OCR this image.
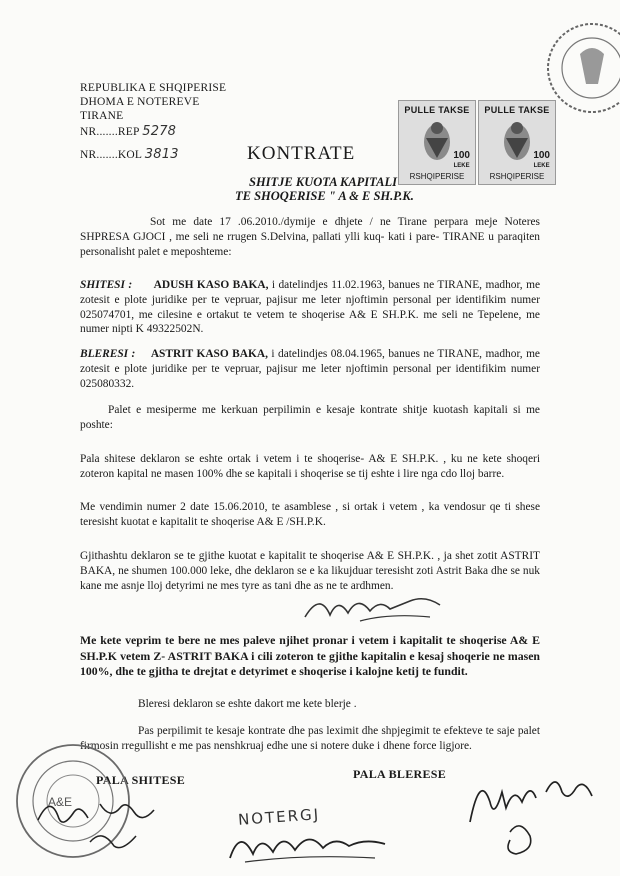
REPUBLIKA E SHQIPERISE
DHOMA E NOTEREVE
TIRANE
NR.......REP 5278
NR.......KOL 3813
PULLE TAKSE
100
LEKE
RSHQIPERISE
PULLE TAKSE
100
LEKE
RSHQIPERISE
KONTRATE
SHITJE KUOTA KAPITALI
TE SHOQERISE " A & E SH.P.K.
Sot me date 17 .06.2010./dymije e dhjete / ne Tirane perpara meje Noteres SHPRESA GJOCI , me seli ne rrugen S.Delvina, pallati ylli kuq- kati i pare- TIRANE u paraqiten personalisht palet e meposhteme:
SHITESI : ADUSH KASO BAKA, i datelindjes 11.02.1963, banues ne TIRANE, madhor, me zotesit e plote juridike per te vepruar, pajisur me leter njoftimin personal per identifikim numer 025074701, me cilesine e ortakut te vetem te shoqerise A& E SH.P.K. me seli ne Tepelene, me numer nipti K 49322502N.
BLERESI : ASTRIT KASO BAKA, i datelindjes 08.04.1965, banues ne TIRANE, madhor, me zotesit e plote juridike per te vepruar, pajisur me leter njoftimin personal per identifikim numer 025080332.
Palet e mesiperme me kerkuan perpilimin e kesaje kontrate shitje kuotash kapitali si me poshte:
Pala shitese deklaron se eshte ortak i vetem i te shoqerise- A& E SH.P.K. , ku ne kete shoqeri zoteron kapital ne masen 100% dhe se kapitali i shoqerise se tij eshte i lire nga cdo lloj barre.
Me vendimin numer 2 date 15.06.2010, te asamblese , si ortak i vetem , ka vendosur qe ti shese teresisht kuotat e kapitalit te shoqerise A& E /SH.P.K.
Gjithashtu deklaron se te gjithe kuotat e kapitalit te shoqerise A& E SH.P.K. , ja shet zotit ASTRIT BAKA, ne shumen 100.000 leke, dhe deklaron se e ka likujduar teresisht zoti Astrit Baka dhe se nuk kane me asnje lloj detyrimi ne mes tyre as tani dhe as ne te ardhmen.
Me kete veprim te bere ne mes paleve njihet pronar i vetem i kapitalit te shoqerise A& E SH.P.K vetem Z- ASTRIT BAKA i cili zoteron te gjithe kapitalin e kesaj shoqerie ne masen 100%, dhe te gjitha te drejtat e detyrimet e shoqerise i kalojne ketij te fundit.
Bleresi deklaron se eshte dakort me kete blerje .
Pas perpilimit te kesaje kontrate dhe pas leximit dhe shpjegimit te efekteve te saje palet firmosin rregullisht e me pas nenshkruaj edhe une si notere duke i dhene force ligjore.
PALA SHITESE	PALA BLERESE
A&E
NOTERGJ
